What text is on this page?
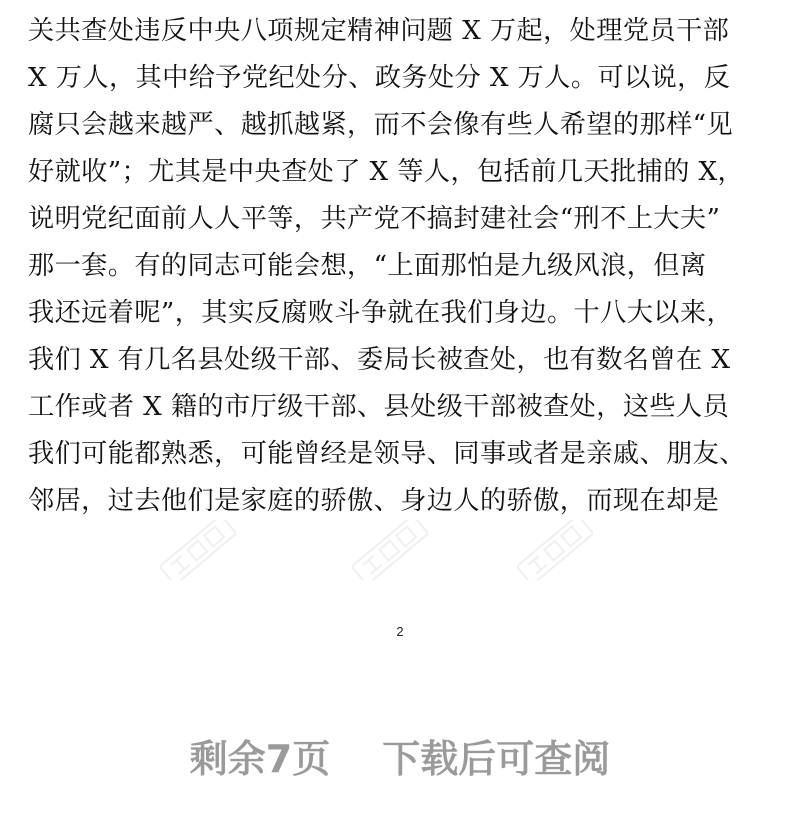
关共查处违反中央八项规定精神问题 X 万起，处理党员干部
X 万人，其中给予党纪处分、政务处分 X 万人。可以说，反
腐只会越来越严、越抓越紧，而不会像有些人希望的那样“见
好就收”；尤其是中央查处了 X 等人，包括前几天批捕的 X，
说明党纪面前人人平等，共产党不搞封建社会“刑不上大夫”
那一套。有的同志可能会想，“上面那怕是九级风浪，但离
我还远着呢”，其实反腐败斗争就在我们身边。十八大以来，
我们 X 有几名县处级干部、委局长被查处，也有数名曾在 X
工作或者 X 籍的市厅级干部、县处级干部被查处，这些人员
我们可能都熟悉，可能曾经是领导、同事或者是亲戚、朋友、
邻居，过去他们是家庭的骄傲、身边人的骄傲，而现在却是
2
剩余7页 下载后可查阅
